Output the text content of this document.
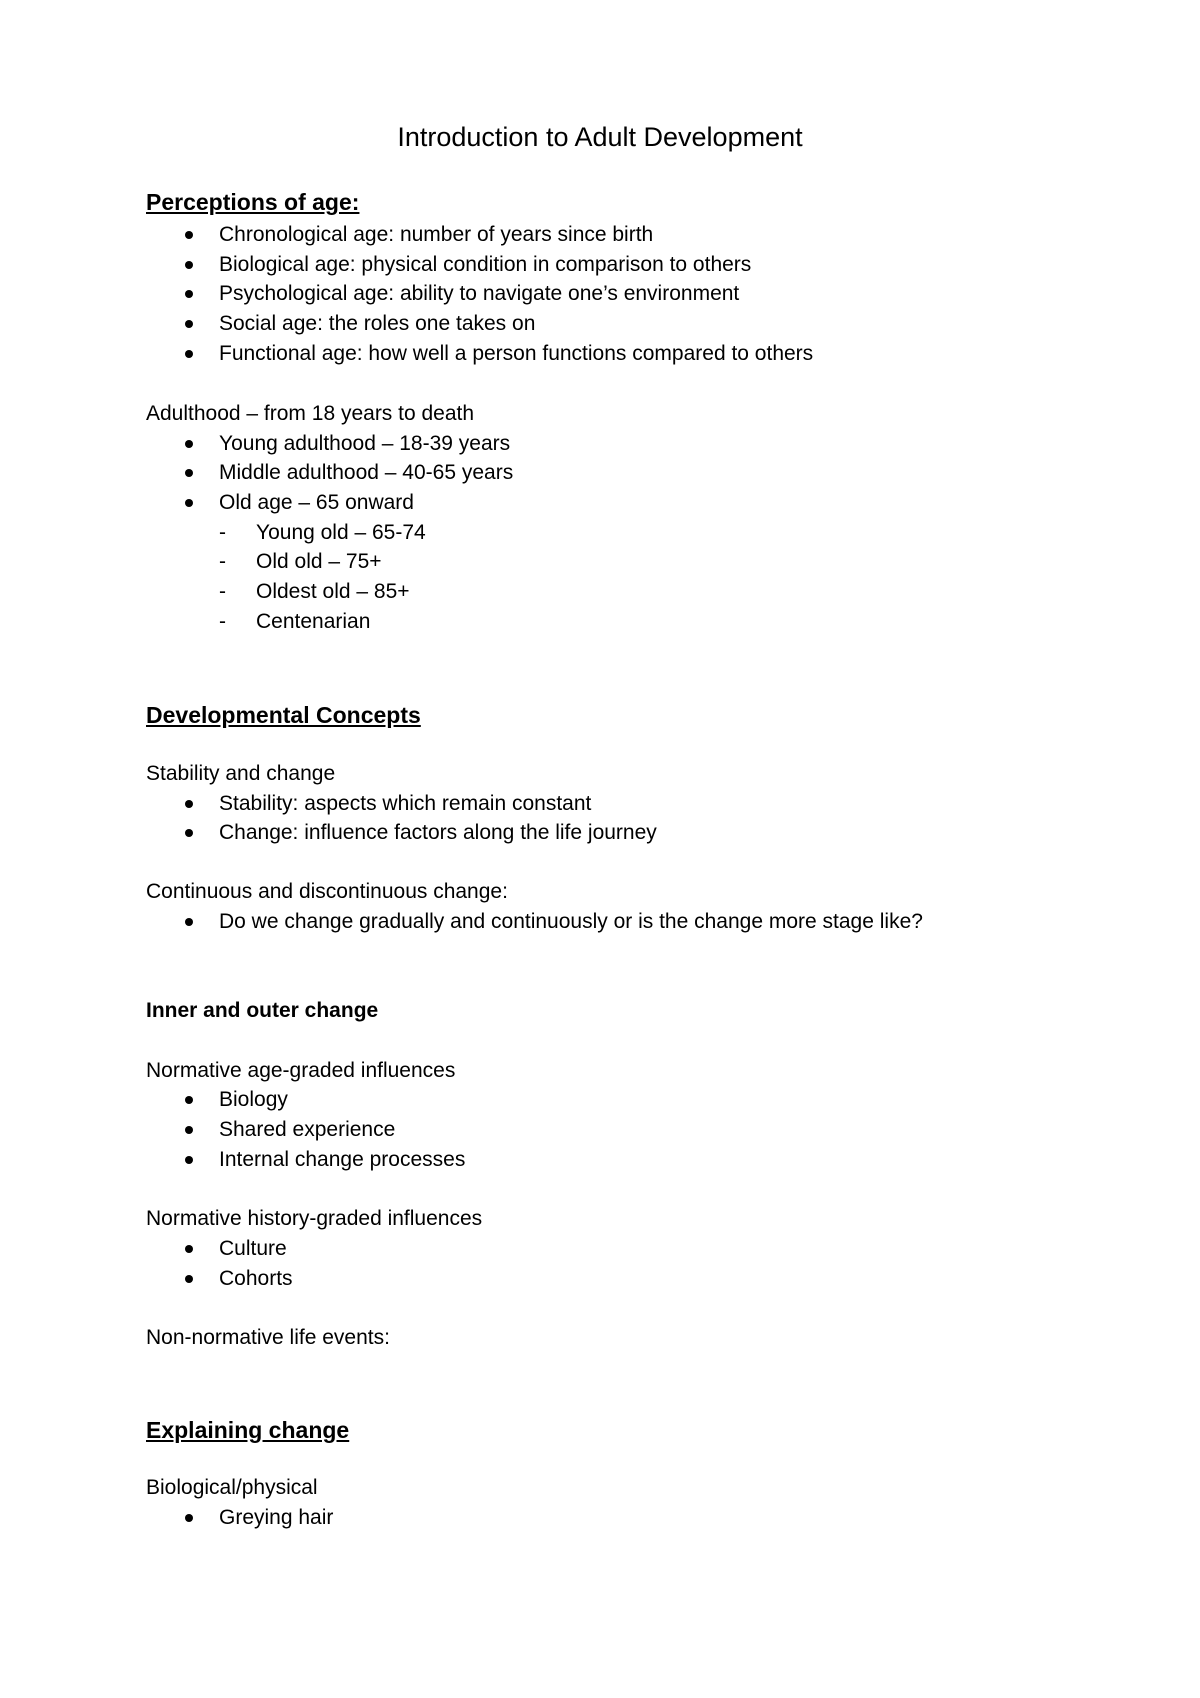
Introduction to Adult Development
Perceptions of age:
Chronological age: number of years since birth
Biological age: physical condition in comparison to others
Psychological age: ability to navigate one’s environment
Social age: the roles one takes on
Functional age: how well a person functions compared to others

Adulthood – from 18 years to death

Young adulthood – 18-39 years
Middle adulthood – 40-65 years
Old age – 65 onward
- Young old – 65-74
- Old old – 75+
- Oldest old – 85+
- Centenarian
Developmental Concepts

Stability and change

Stability: aspects which remain constant
Change: influence factors along the life journey

Continuous and discontinuous change:

Do we change gradually and continuously or is the change more stage like?

Inner and outer change

Normative age-graded influences

Biology
Shared experience
Internal change processes

Normative history-graded influences

Culture
Cohorts

Non-normative life events:

Explaining change

Biological/physical

Greying hair
